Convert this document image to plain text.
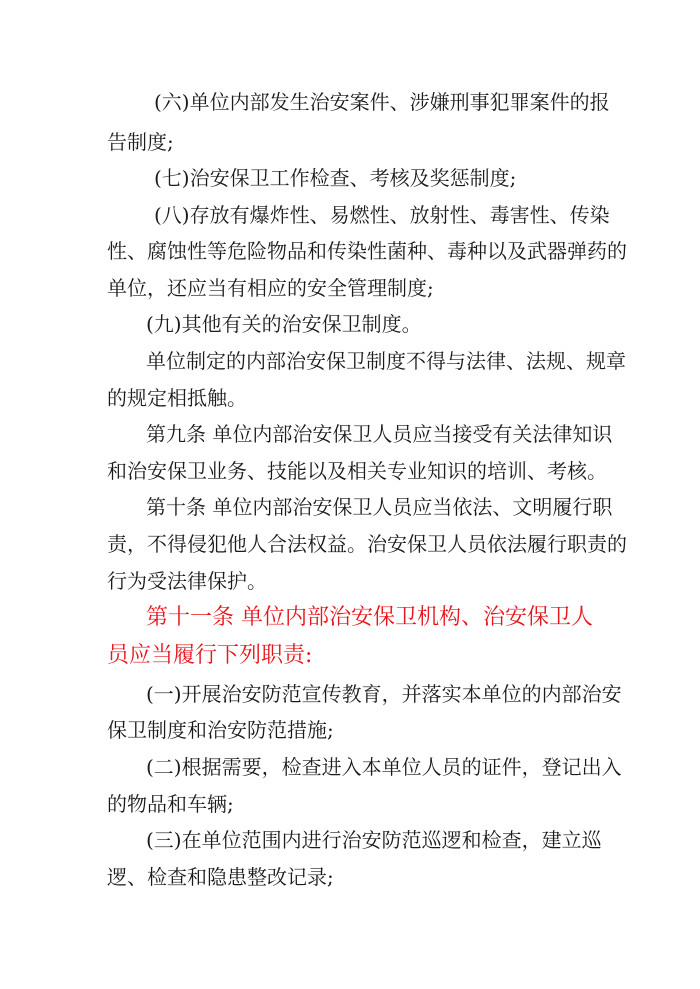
(六)单位内部发生治安案件、涉嫌刑事犯罪案件的报
告制度;
(七)治安保卫工作检查、考核及奖惩制度;
(八)存放有爆炸性、易燃性、放射性、毒害性、传染
性、腐蚀性等危险物品和传染性菌种、毒种以及武器弹药的
单位，还应当有相应的安全管理制度;
(九)其他有关的治安保卫制度。
单位制定的内部治安保卫制度不得与法律、法规、规章
的规定相抵触。
第九条 单位内部治安保卫人员应当接受有关法律知识
和治安保卫业务、技能以及相关专业知识的培训、考核。
第十条 单位内部治安保卫人员应当依法、文明履行职
责，不得侵犯他人合法权益。治安保卫人员依法履行职责的
行为受法律保护。
第十一条 单位内部治安保卫机构、治安保卫人
员应当履行下列职责:
(一)开展治安防范宣传教育，并落实本单位的内部治安
保卫制度和治安防范措施;
(二)根据需要，检查进入本单位人员的证件，登记出入
的物品和车辆;
(三)在单位范围内进行治安防范巡逻和检查，建立巡
逻、检查和隐患整改记录;
